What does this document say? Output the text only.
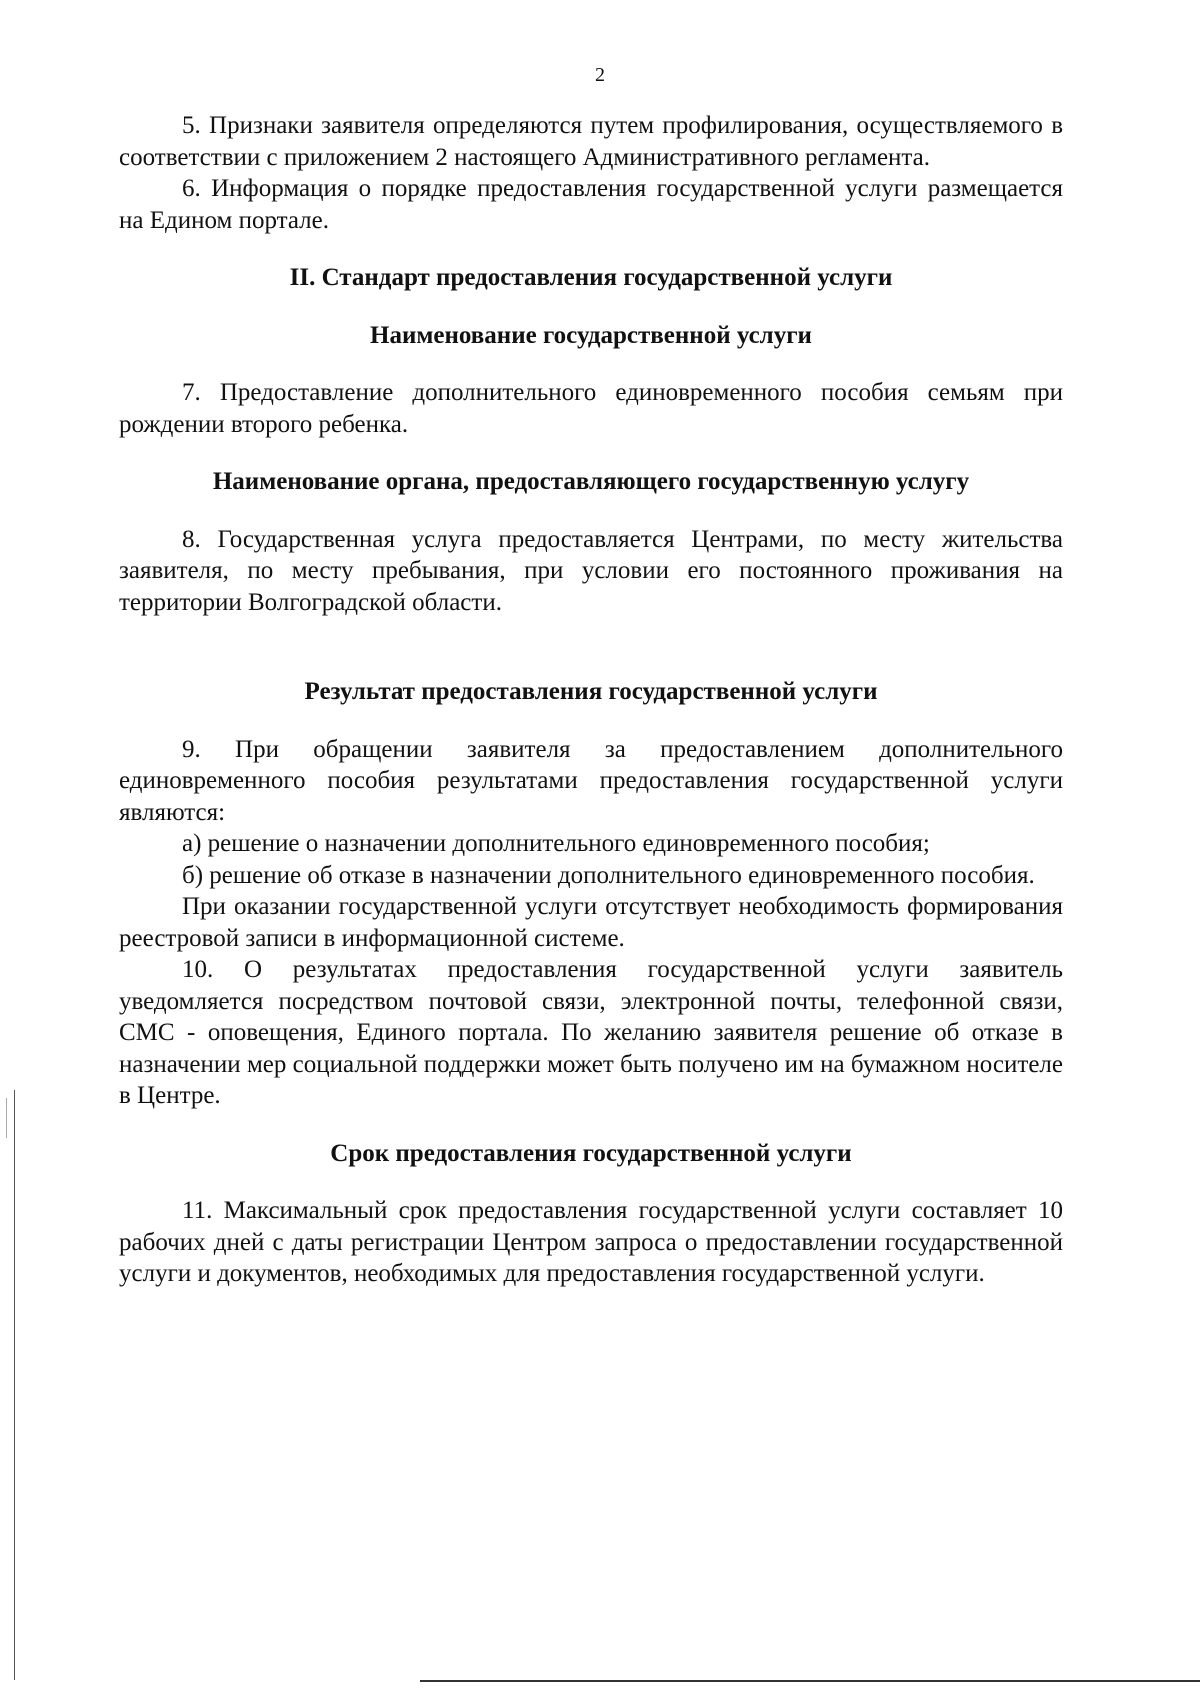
2

5. Признаки заявителя определяются путем профилирования, осуществляемого в соответствии с приложением 2 настоящего Административного регламента.

6. Информация о порядке предоставления государственной услуги размещается на Едином портале.

II. Стандарт предоставления государственной услуги

Наименование государственной услуги

7. Предоставление дополнительного единовременного пособия семьям при рождении второго ребенка.

Наименование органа, предоставляющего государственную услугу

8. Государственная услуга предоставляется Центрами, по месту жительства заявителя, по месту пребывания, при условии его постоянного проживания на территории Волгоградской области.

Результат предоставления государственной услуги

9. При обращении заявителя за предоставлением дополнительного единовременного пособия результатами предоставления государственной услуги являются:

а) решение о назначении дополнительного единовременного пособия;

б) решение об отказе в назначении дополнительного единовременного пособия.

При оказании государственной услуги отсутствует необходимость формирования реестровой записи в информационной системе.

10. О результатах предоставления государственной услуги заявитель уведомляется посредством почтовой связи, электронной почты, телефонной связи, СМС - оповещения, Единого портала. По желанию заявителя решение об отказе в назначении мер социальной поддержки может быть получено им на бумажном носителе в Центре.

Срок предоставления государственной услуги

11. Максимальный срок предоставления государственной услуги составляет 10 рабочих дней с даты регистрации Центром запроса о предоставлении государственной услуги и документов, необходимых для предоставления государственной услуги.
